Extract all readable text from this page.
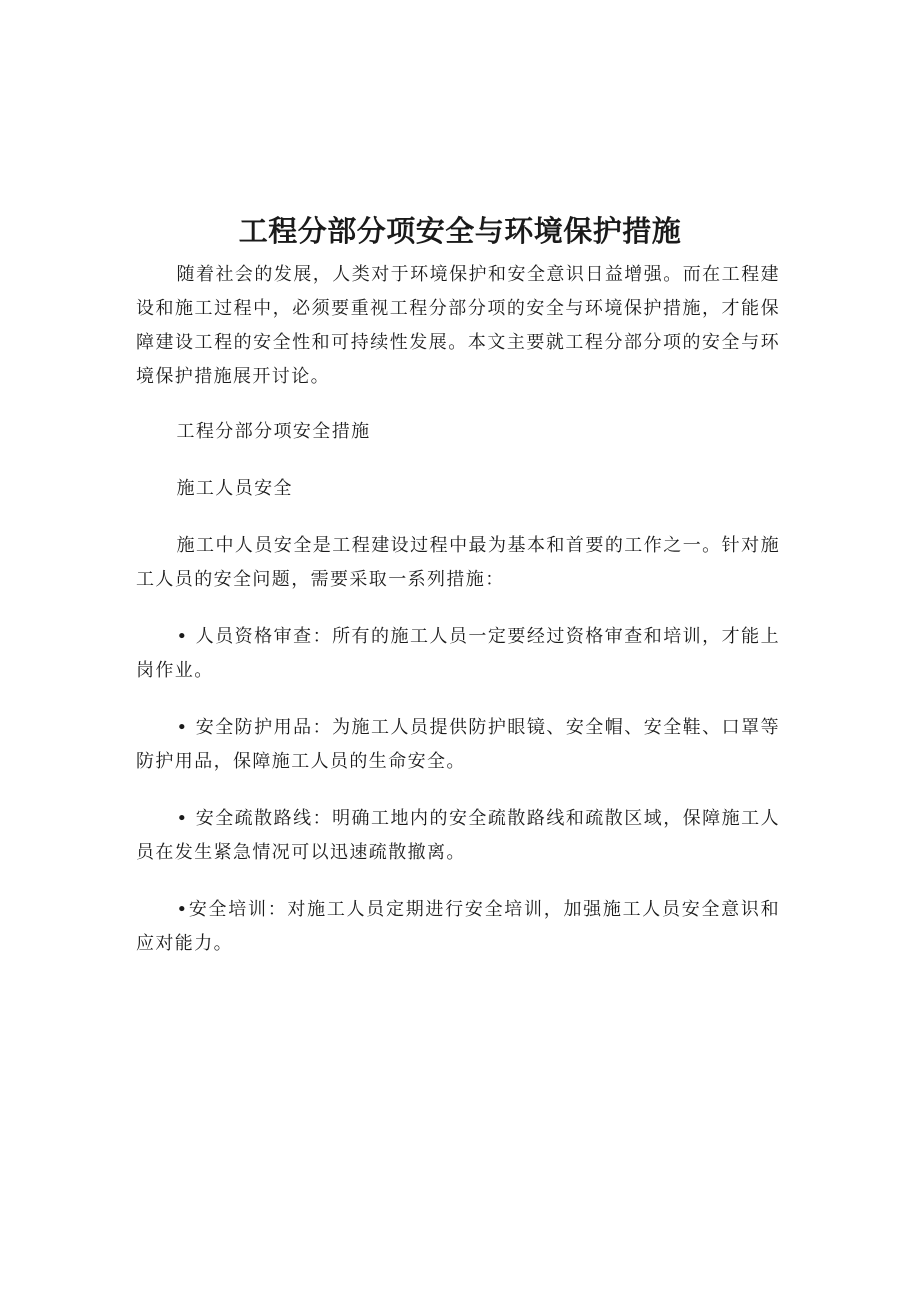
工程分部分项安全与环境保护措施

随着社会的发展，人类对于环境保护和安全意识日益增强。而在工程建设和施工过程中，必须要重视工程分部分项的安全与环境保护措施，才能保障建设工程的安全性和可持续性发展。本文主要就工程分部分项的安全与环境保护措施展开讨论。

工程分部分项安全措施

施工人员安全

施工中人员安全是工程建设过程中最为基本和首要的工作之一。针对施工人员的安全问题，需要采取一系列措施：

• 人员资格审查：所有的施工人员一定要经过资格审查和培训，才能上岗作业。

• 安全防护用品：为施工人员提供防护眼镜、安全帽、安全鞋、口罩等防护用品，保障施工人员的生命安全。

• 安全疏散路线：明确工地内的安全疏散路线和疏散区域，保障施工人员在发生紧急情况可以迅速疏散撤离。

•安全培训：对施工人员定期进行安全培训，加强施工人员安全意识和应对能力。
